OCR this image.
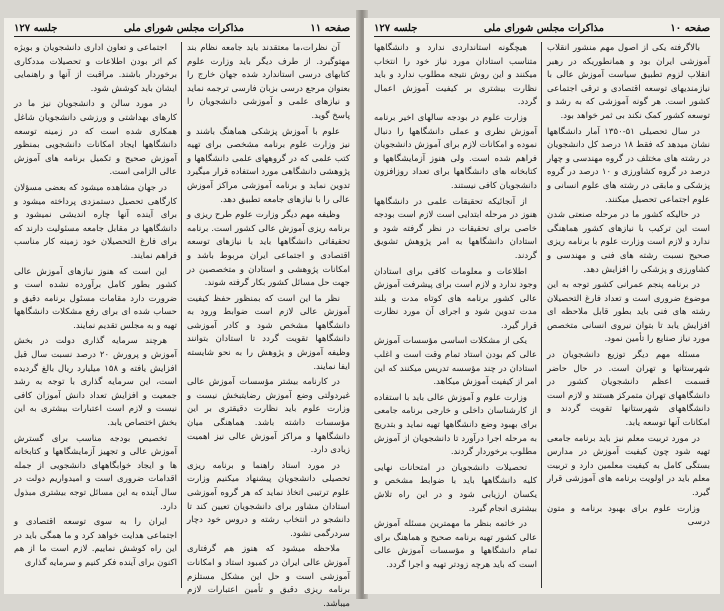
صفحه ۱۱
مذاکرات مجلس شورای ملی
جلسه ۱۲۷

آن نظرات،ما معتقدند باید جامعه نظام بند مهتوگیرد. از طرف دیگر باید وزارت علوم کتابهای درسی استاندارد شده جهان خارج را بعنوان مرجع درسی بزبان فارسی ترجمه نماید و نیازهای علمی و آموزشی دانشجویان را پاسخ گوید.

علوم با آموزش پزشکی هماهنگ باشند و نیز وزارت علوم برنامه مشخصی برای تهیه کتب علمی که در گروههای علمی دانشگاهها و پژوهشی دانشگاهی مورد استفاده قرار میگیرد تدوین نماید و برنامه آموزشی مراکز آموزش عالی را با نیازهای جامعه تطبیق دهد.

وظیفه مهم دیگر وزارت علوم طرح ریزی و برنامه ریزی آموزش عالی کشور است. برنامه تحقیقاتی دانشگاهها باید با نیازهای توسعه اقتصادی و اجتماعی ایران مربوط باشد و امکانات پژوهشی و استادان و متخصصین در جهت حل مسائل کشور بکار گرفته شوند.

نظر ما این است که بمنظور حفظ کیفیت آموزش عالی لازم است ضوابط ورود به دانشگاهها مشخص شود و کادر آموزشی دانشگاهها تقویت گردد تا استادان بتوانند وظیفه آموزش و پژوهش را به نحو شایسته ایفا نمایند.

در کارنامه بیشتر مؤسسات آموزش عالی غیردولتی وضع آموزش رضایتبخش نیست و وزارت علوم باید نظارت دقیقتری بر این مؤسسات داشته باشد. هماهنگی میان دانشگاهها و مراکز آموزش عالی نیز اهمیت زیادی دارد.

در مورد استاد راهنما و برنامه ریزی تحصیلی دانشجویان پیشنهاد میکنیم وزارت علوم ترتیبی اتخاذ نماید که هر گروه آموزشی استادان مشاور برای دانشجویان تعیین کند تا دانشجو در انتخاب رشته و دروس خود دچار سردرگمی نشود.

ملاحظه میشود که هنوز هم گرفتاری آموزش عالی ایران در کمبود استاد و امکانات آموزشی است و حل این مشکل مستلزم برنامه ریزی دقیق و تأمین اعتبارات لازم میباشد.

اجتماعی و تعاون اداری دانشجویان و بویژه کم اثر بودن اطلاعات و تحصیلات مددکاری برخوردار باشند. مراقبت از آنها و راهنمایی ایشان باید کوشش شود.

در مورد سالن و دانشجویان نیز ما در کارهای بهداشتی و ورزشی دانشجویان شاغل همکاری شده است که در زمینه توسعه دانشگاهها ایجاد امکانات دانشجویی بمنظور آموزش صحیح و تکمیل برنامه های آموزش عالی الزامی است.

در جهان مشاهده میشود که بعضی مسؤلان کارگاهی تحصیل دستمزدی پرداخته میشود و برای آینده آنها چاره اندیشی نمیشود و دانشگاهها در مقابل جامعه مسئولیت دارند که برای فارغ التحصیلان خود زمینه کار مناسب فراهم نمایند.

این است که هنوز نیازهای آموزش عالی کشور بطور کامل برآورده نشده است و ضرورت دارد مقامات مسئول برنامه دقیق و حساب شده ای برای رفع مشکلات دانشگاهها تهیه و به مجلس تقدیم نمایند.

هرچند سرمایه گذاری دولت در بخش آموزش و پرورش ۲۰ درصد نسبت سال قبل افزایش یافته و ۱۵۸ میلیارد ریال بالغ گردیده است، این سرمایه گذاری با توجه به رشد جمعیت و افزایش تعداد دانش آموزان کافی نیست و لازم است اعتبارات بیشتری به این بخش اختصاص یابد.

تخصیص بودجه مناسب برای گسترش آموزش عالی و تجهیز آزمایشگاهها و کتابخانه ها و ایجاد خوابگاههای دانشجویی از جمله اقدامات ضروری است و امیدواریم دولت در سال آینده به این مسائل توجه بیشتری مبذول دارد.

ایران را به سوی توسعه اقتصادی و اجتماعی هدایت خواهد کرد و ما همگی باید در این راه کوشش نماییم. لازم است ما از هم اکنون برای آینده فکر کنیم و سرمایه گذاری

صفحه ۱۰
مذاکرات مجلس شورای ملی
جلسه ۱۲۷

بالاگرفته یکی از اصول مهم منشور انقلاب آموزشی ایران بود و همانطوریکه در رهبر انقلاب لزوم تطبیق سیاست آموزش عالی با نیازمندیهای توسعه اقتصادی و ترقی اجتماعی کشور است. هر گونه آموزشی که به رشد و توسعه کشور کمک نکند بی ثمر خواهد بود.

در سال تحصیلی ۵۱-۱۳۵۰ آمار دانشگاهها نشان میدهد که فقط ۱۸ درصد کل دانشجویان در رشته های مختلف در گروه مهندسی و چهار درصد در گروه کشاورزی و ۱۰ درصد در گروه پزشکی و مابقی در رشته های علوم انسانی و علوم اجتماعی تحصیل میکنند.

در حالیکه کشور ما در مرحله صنعتی شدن است این ترکیب با نیازهای کشور هماهنگی ندارد و لازم است وزارت علوم با برنامه ریزی صحیح نسبت رشته های فنی و مهندسی و کشاورزی و پزشکی را افزایش دهد.

در برنامه پنجم عمرانی کشور توجه به این موضوع ضروری است و تعداد فارغ التحصیلان رشته های فنی باید بطور قابل ملاحظه ای افزایش یابد تا بتوان نیروی انسانی متخصص مورد نیاز صنایع را تأمین نمود.

مسئله مهم دیگر توزیع دانشجویان در شهرستانها و تهران است. در حال حاضر قسمت اعظم دانشجویان کشور در دانشگاههای تهران متمرکز هستند و لازم است دانشگاههای شهرستانها تقویت گردند و امکانات آنها توسعه یابد.

در مورد تربیت معلم نیز باید برنامه جامعی تهیه شود چون کیفیت آموزش در مدارس بستگی کامل به کیفیت معلمین دارد و تربیت معلم باید در اولویت برنامه های آموزشی قرار گیرد.

وزارت علوم برای بهبود برنامه و متون درسی

هیچگونه استانداردی ندارد و دانشگاهها متناسب استادان مورد نیاز خود را انتخاب میکنند و این روش نتیجه مطلوب ندارد و باید نظارت بیشتری بر کیفیت آموزش اعمال گردد.

وزارت علوم در بودجه سالهای اخیر برنامه آموزش نظری و عملی دانشگاهها را دنبال نموده و امکانات لازم برای آموزش دانشجویان فراهم شده است. ولی هنوز آزمایشگاهها و کتابخانه های دانشگاهها برای تعداد روزافزون دانشجویان کافی نیستند.

از آنجائیکه تحقیقات علمی در دانشگاهها هنوز در مرحله ابتدایی است لازم است بودجه خاصی برای تحقیقات در نظر گرفته شود و استادان دانشگاهها به امر پژوهش تشویق گردند.

اطلاعات و معلومات کافی برای استادان وجود ندارد و لازم است برای پیشرفت آموزش عالی کشور برنامه های کوتاه مدت و بلند مدت تدوین شود و اجرای آن مورد نظارت قرار گیرد.

یکی از مشکلات اساسی مؤسسات آموزش عالی کم بودن استاد تمام وقت است و اغلب استادان در چند مؤسسه تدریس میکنند که این امر از کیفیت آموزش میکاهد.

وزارت علوم و آموزش عالی باید با استفاده از کارشناسان داخلی و خارجی برنامه جامعی برای بهبود وضع دانشگاهها تهیه نماید و بتدریج به مرحله اجرا درآورد تا دانشجویان از آموزش مطلوب برخوردار گردند.

تحصیلات دانشجویان در امتحانات نهایی کلیه دانشگاهها باید با ضوابط مشخص و یکسان ارزیابی شود و در این راه تلاش بیشتری انجام گیرد.

در خاتمه بنظر ما مهمترین مسئله آموزش عالی کشور تهیه برنامه صحیح و هماهنگ برای تمام دانشگاهها و مؤسسات آموزش عالی است که باید هرچه زودتر تهیه و اجرا گردد.
